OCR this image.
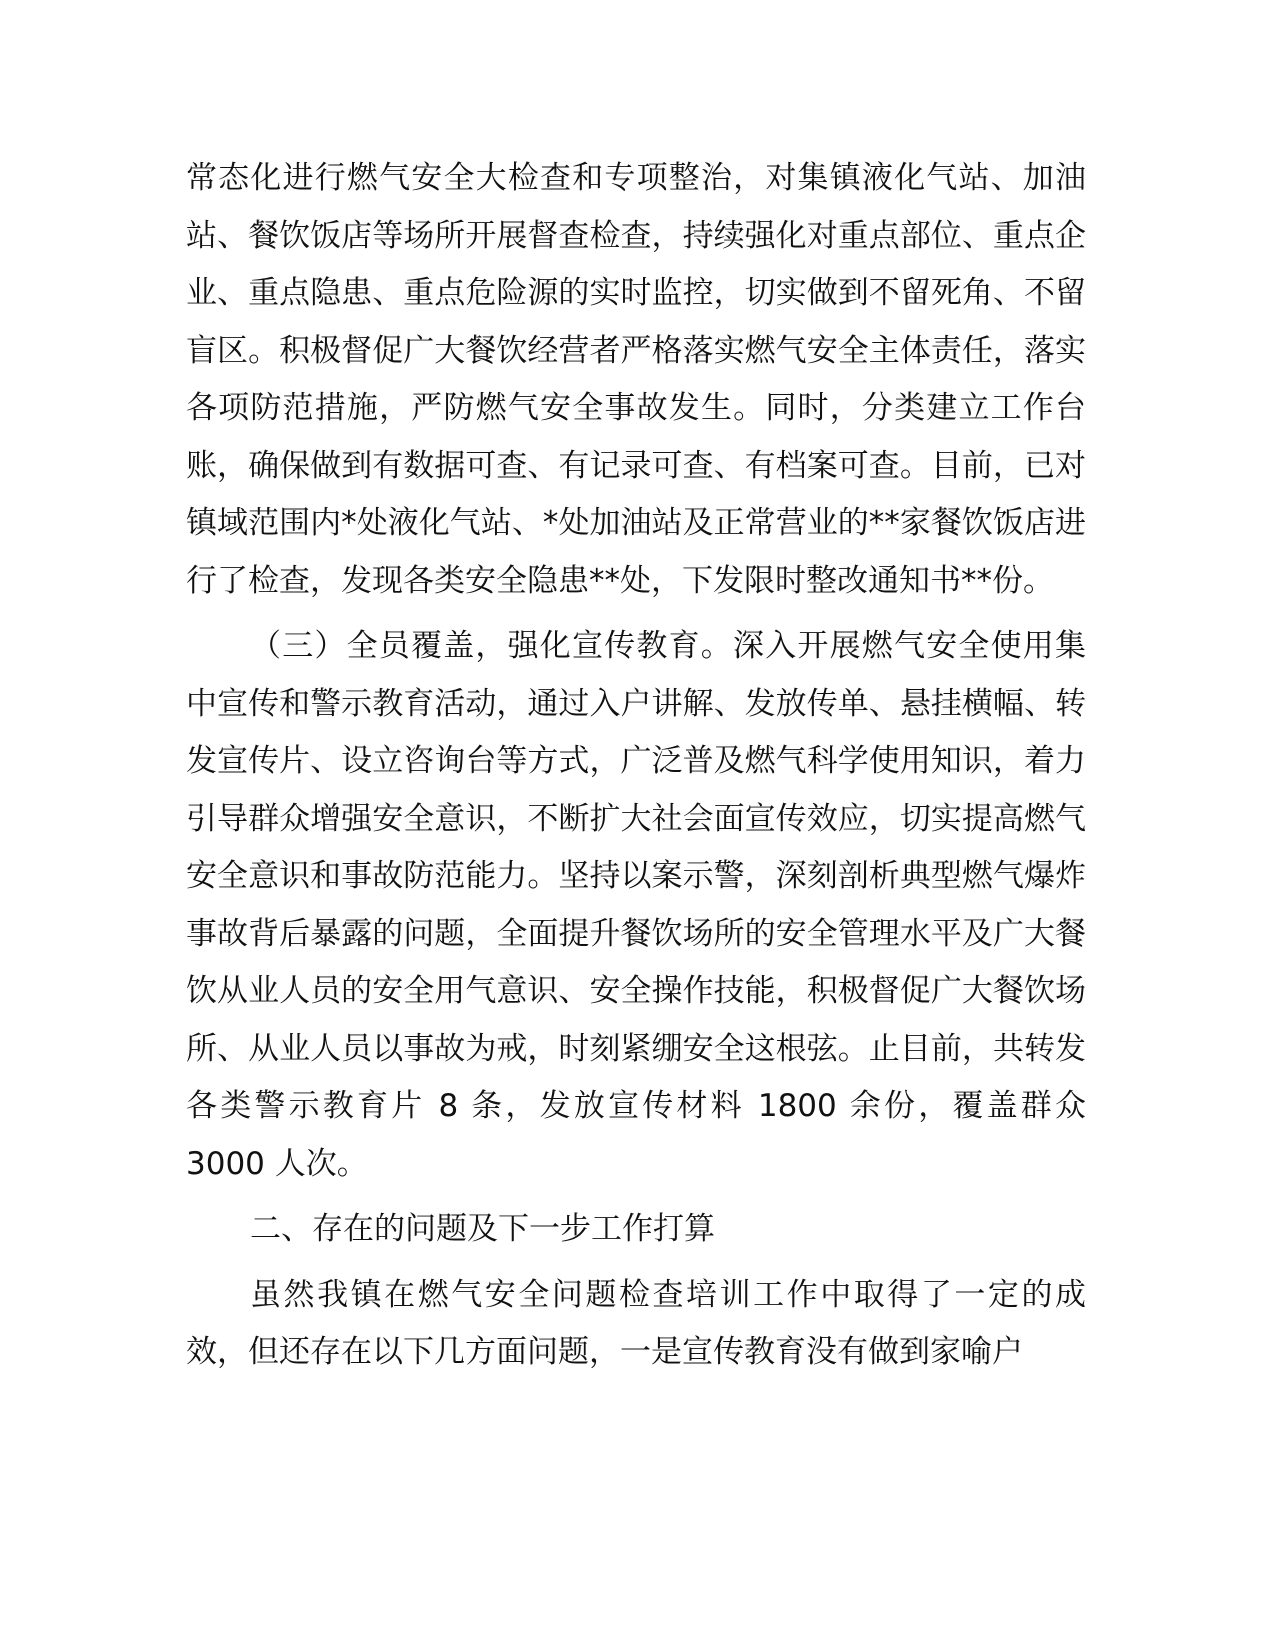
常态化进行燃气安全大检查和专项整治，对集镇液化气站、加油站、餐饮饭店等场所开展督查检查，持续强化对重点部位、重点企业、重点隐患、重点危险源的实时监控，切实做到不留死角、不留盲区。积极督促广大餐饮经营者严格落实燃气安全主体责任，落实各项防范措施，严防燃气安全事故发生。同时，分类建立工作台账，确保做到有数据可查、有记录可查、有档案可查。目前，已对镇域范围内*处液化气站、*处加油站及正常营业的**家餐饮饭店进行了检查，发现各类安全隐患**处，下发限时整改通知书**份。

（三）全员覆盖，强化宣传教育。深入开展燃气安全使用集中宣传和警示教育活动，通过入户讲解、发放传单、悬挂横幅、转发宣传片、设立咨询台等方式，广泛普及燃气科学使用知识，着力引导群众增强安全意识，不断扩大社会面宣传效应，切实提高燃气安全意识和事故防范能力。坚持以案示警，深刻剖析典型燃气爆炸事故背后暴露的问题，全面提升餐饮场所的安全管理水平及广大餐饮从业人员的安全用气意识、安全操作技能，积极督促广大餐饮场所、从业人员以事故为戒，时刻紧绷安全这根弦。止目前，共转发各类警示教育片 8 条，发放宣传材料 1800 余份，覆盖群众 3000 人次。

二、存在的问题及下一步工作打算

虽然我镇在燃气安全问题检查培训工作中取得了一定的成效，但还存在以下几方面问题，一是宣传教育没有做到家喻户
